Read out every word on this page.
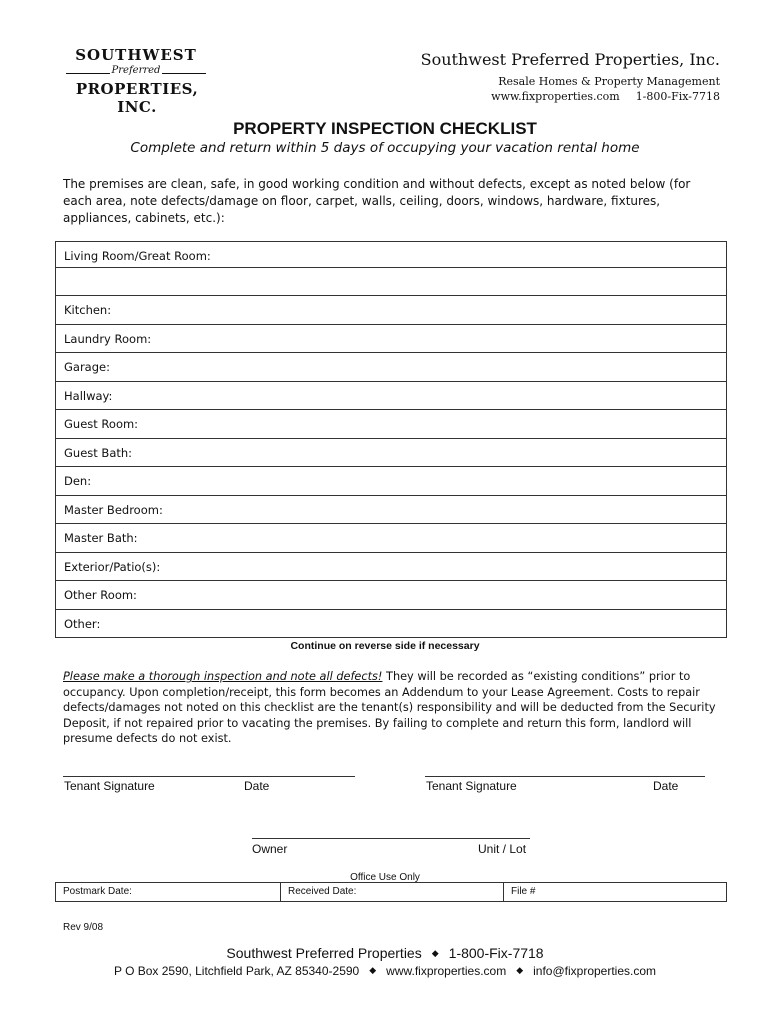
SOUTHWEST
Preferred
PROPERTIES, INC.
Southwest Preferred Properties, Inc.
Resale Homes & Property Management
www.fixproperties.com 1-800-Fix-7718
PROPERTY INSPECTION CHECKLIST
Complete and return within 5 days of occupying your vacation rental home
The premises are clean, safe, in good working condition and without defects, except as noted below (for each area, note defects/damage on floor, carpet, walls, ceiling, doors, windows, hardware, fixtures, appliances, cabinets, etc.):
Living Room/Great Room:
Kitchen:
Laundry Room:
Garage:
Hallway:
Guest Room:
Guest Bath:
Den:
Master Bedroom:
Master Bath:
Exterior/Patio(s):
Other Room:
Other:
Continue on reverse side if necessary
Please make a thorough inspection and note all defects! They will be recorded as “existing conditions” prior to occupancy. Upon completion/receipt, this form becomes an Addendum to your Lease Agreement. Costs to repair defects/damages not noted on this checklist are the tenant(s) responsibility and will be deducted from the Security Deposit, if not repaired prior to vacating the premises. By failing to complete and return this form, landlord will presume defects do not exist.
Tenant Signature	Date	Tenant Signature	Date
Owner	Unit / Lot
Office Use Only
Postmark Date:	Received Date:	File #
Rev 9/08
Southwest Preferred Properties ◆ 1-800-Fix-7718
P O Box 2590, Litchfield Park, AZ 85340-2590 ◆ www.fixproperties.com ◆ info@fixproperties.com
